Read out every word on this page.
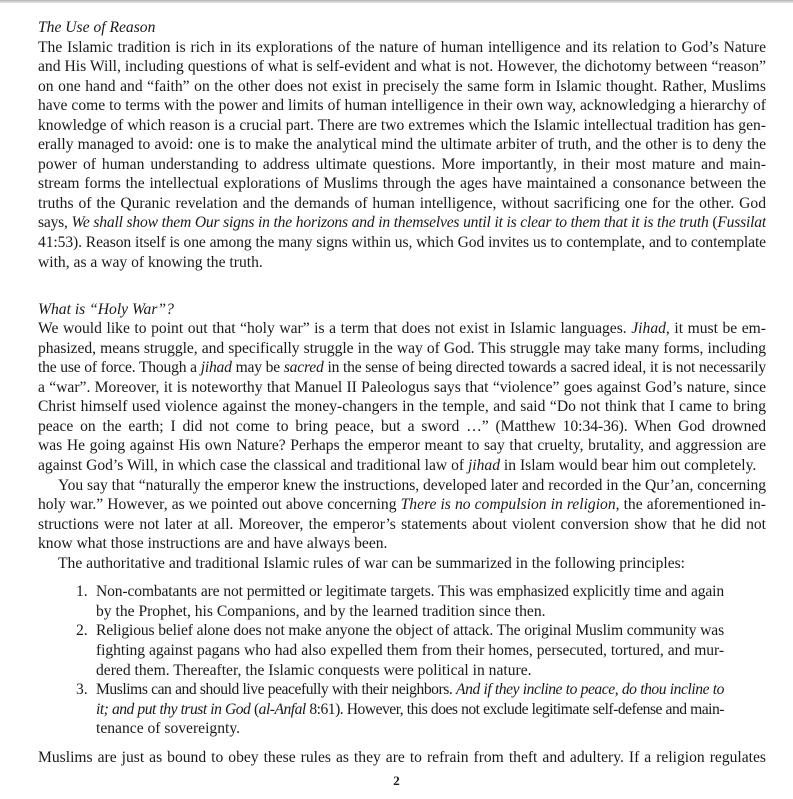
The Use of Reason
The Islamic tradition is rich in its explorations of the nature of human intelligence and its relation to God’s Nature
and His Will, including questions of what is self-evident and what is not. However, the dichotomy between “reason”
on one hand and “faith” on the other does not exist in precisely the same form in Islamic thought. Rather, Muslims
have come to terms with the power and limits of human intelligence in their own way, acknowledging a hierarchy of
knowledge of which reason is a crucial part. There are two extremes which the Islamic intellectual tradition has gen-
erally managed to avoid: one is to make the analytical mind the ultimate arbiter of truth, and the other is to deny the
power of human understanding to address ultimate questions. More importantly, in their most mature and main-
stream forms the intellectual explorations of Muslims through the ages have maintained a consonance between the
truths of the Quranic revelation and the demands of human intelligence, without sacrificing one for the other. God
says, We shall show them Our signs in the horizons and in themselves until it is clear to them that it is the truth (Fussilat
41:53). Reason itself is one among the many signs within us, which God invites us to contemplate, and to contemplate
with, as a way of knowing the truth.
What is “Holy War”?
We would like to point out that “holy war” is a term that does not exist in Islamic languages. Jihad, it must be em-
phasized, means struggle, and specifically struggle in the way of God. This struggle may take many forms, including
the use of force. Though a jihad may be sacred in the sense of being directed towards a sacred ideal, it is not necessarily
a “war”. Moreover, it is noteworthy that Manuel II Paleologus says that “violence” goes against God’s nature, since
Christ himself used violence against the money-changers in the temple, and said “Do not think that I came to bring
peace on the earth; I did not come to bring peace, but a sword …” (Matthew 10:34-36). When God drowned
was He going against His own Nature? Perhaps the emperor meant to say that cruelty, brutality, and aggression are
against God’s Will, in which case the classical and traditional law of jihad in Islam would bear him out completely.
You say that “naturally the emperor knew the instructions, developed later and recorded in the Qur’an, concerning
holy war.” However, as we pointed out above concerning There is no compulsion in religion, the aforementioned in-
structions were not later at all. Moreover, the emperor’s statements about violent conversion show that he did not
know what those instructions are and have always been.
The authoritative and traditional Islamic rules of war can be summarized in the following principles:
1. Non-combatants are not permitted or legitimate targets. This was emphasized explicitly time and again
by the Prophet, his Companions, and by the learned tradition since then.
2. Religious belief alone does not make anyone the object of attack. The original Muslim community was
fighting against pagans who had also expelled them from their homes, persecuted, tortured, and mur-
dered them. Thereafter, the Islamic conquests were political in nature.
3. Muslims can and should live peacefully with their neighbors. And if they incline to peace, do thou incline to
it; and put thy trust in God (al-Anfal 8:61). However, this does not exclude legitimate self-defense and main-
tenance of sovereignty.
Muslims are just as bound to obey these rules as they are to refrain from theft and adultery. If a religion regulates
2
